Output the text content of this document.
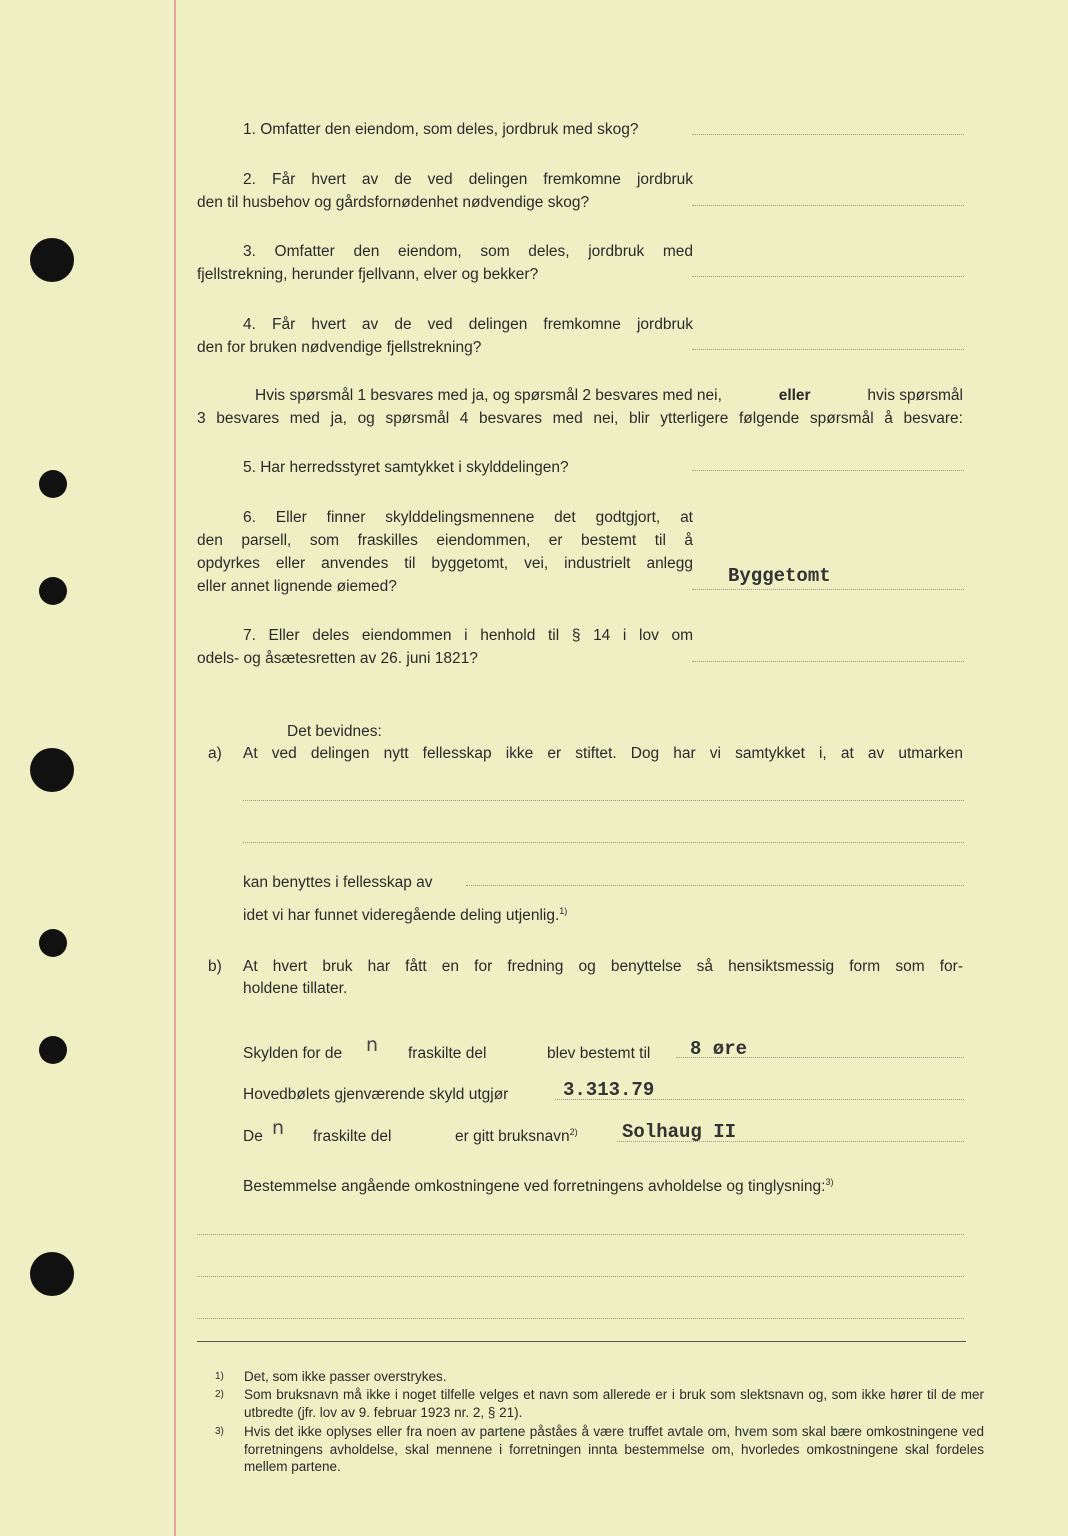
1. Omfatter den eiendom, som deles, jordbruk med skog?
2. Får hvert av de ved delingen fremkomne jordbruk
den til husbehov og gårdsfornødenhet nødvendige skog?
3. Omfatter den eiendom, som deles, jordbruk med
fjellstrekning, herunder fjellvann, elver og bekker?
4. Får hvert av de ved delingen fremkomne jordbruk
den for bruken nødvendige fjellstrekning?
Hvis spørsmål 1 besvares med ja, og spørsmål 2 besvares med nei,	eller	hvis spørsmål
3 besvares med ja, og spørsmål 4 besvares med nei, blir ytterligere følgende spørsmål å besvare:
5. Har herredsstyret samtykket i skylddelingen?
6. Eller finner skylddelingsmennene det godtgjort, at
den parsell, som fraskilles eiendommen, er bestemt til å
opdyrkes eller anvendes til byggetomt, vei, industrielt anlegg
eller annet lignende øiemed?	Byggetomt
7. Eller deles eiendommen i henhold til § 14 i lov om
odels- og åsætesretten av 26. juni 1821?
Det bevidnes:
a) At ved delingen nytt fellesskap ikke er stiftet. Dog har vi samtykket i, at av utmarken
kan benyttes i fellesskap av
idet vi har funnet videregående deling utjenlig.$^{1)}$
b) At hvert bruk har fått en for fredning og benyttelse så hensiktsmessig form som for-
holdene tillater.
Skylden for de n fraskilte del	blev bestemt til 8 øre
Hovedbølets gjenværende skyld utgjør	3.313.79
De n fraskilte del	er gitt bruksnavn$^{2)}$ Solhaug II
Bestemmelse angående omkostningene ved forretningens avholdelse og tinglysning:$^{3)}$
1) Det, som ikke passer overstrykes.
2) Som bruksnavn må ikke i noget tilfelle velges et navn som allerede er i bruk som slektsnavn og, som ikke hører til de mer utbredte (jfr. lov av 9. februar 1923 nr. 2, § 21).
3) Hvis det ikke oplyses eller fra noen av partene påståes å være truffet avtale om, hvem som skal bære omkostningene ved forretningens avholdelse, skal mennene i forretningen innta bestemmelse om, hvorledes omkostningene skal fordeles mellem partene.
